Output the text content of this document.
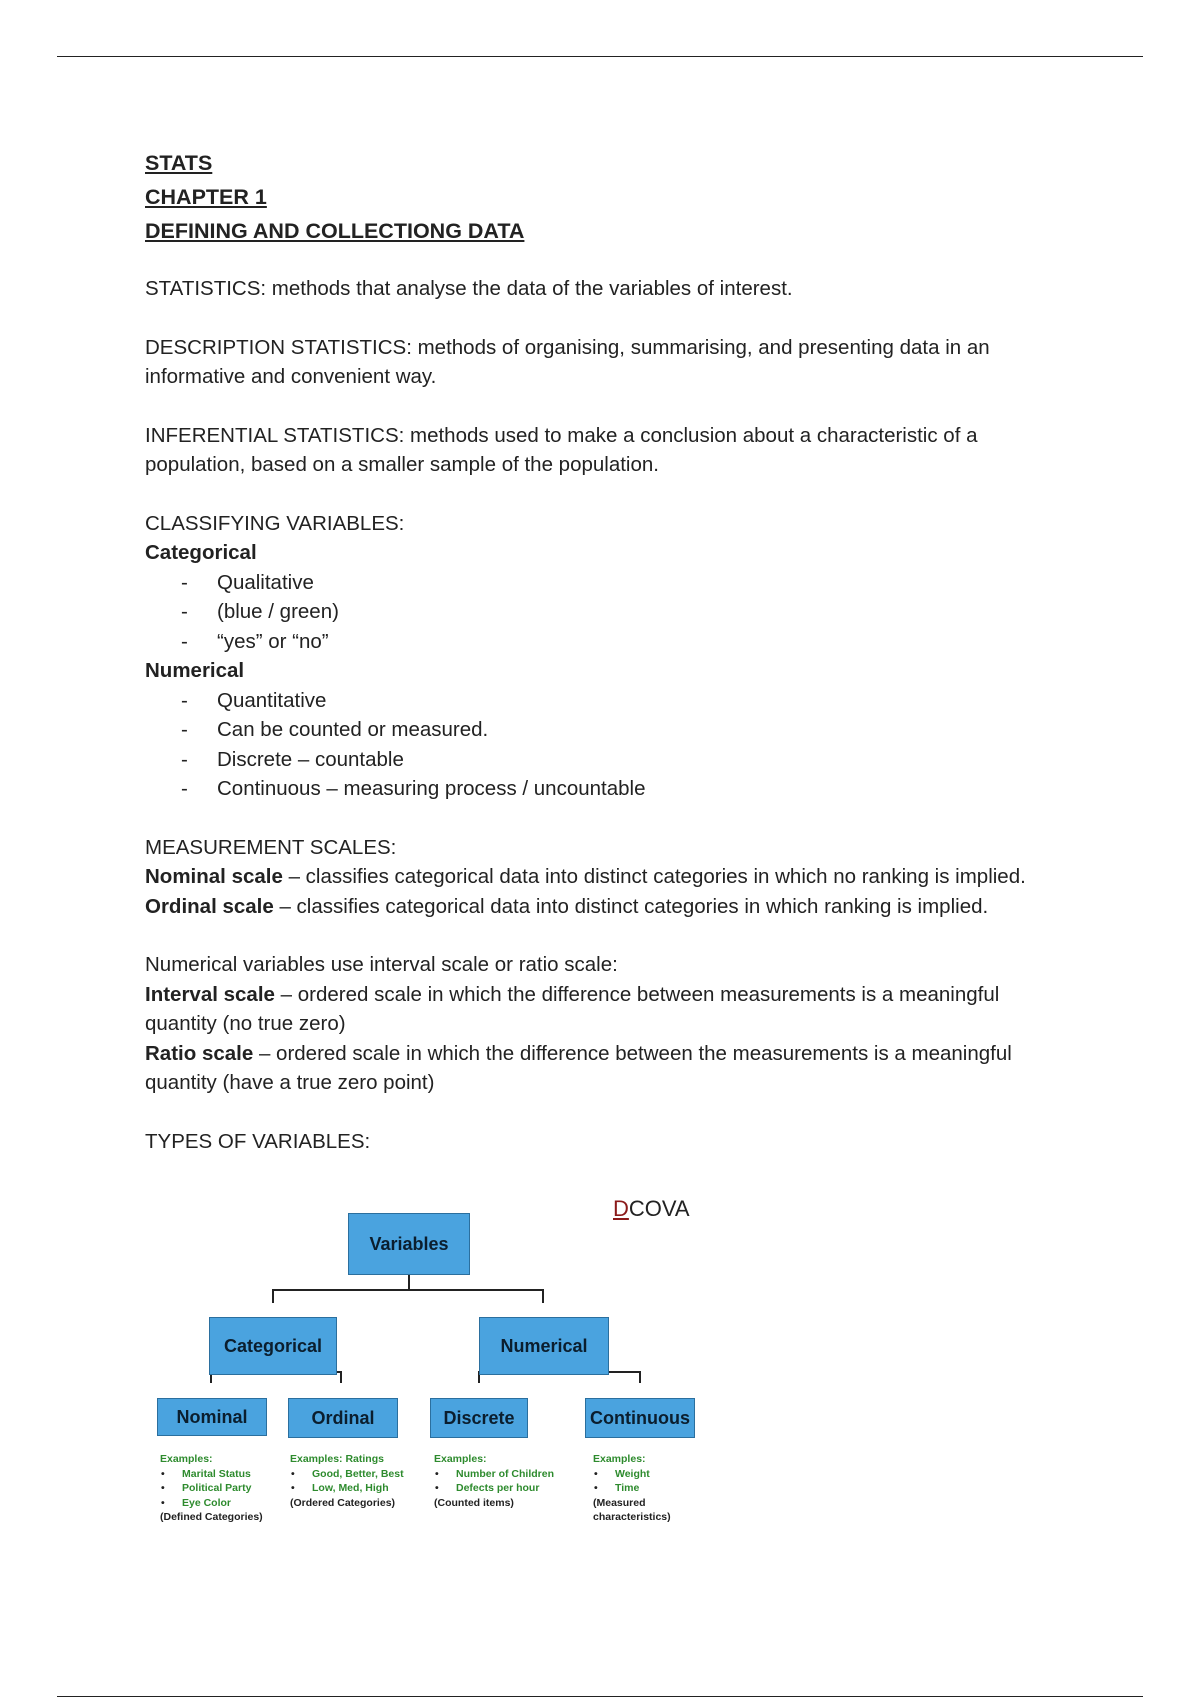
STATS
CHAPTER 1
DEFINING AND COLLECTIONG DATA

STATISTICS: methods that analyse the data of the variables of interest.

DESCRIPTION STATISTICS: methods of organising, summarising, and presenting data in an informative and convenient way.

INFERENTIAL STATISTICS: methods used to make a conclusion about a characteristic of a population, based on a smaller sample of the population.

CLASSIFYING VARIABLES:

Categorical

- Qualitative
- (blue / green)
- “yes” or “no”

Numerical

- Quantitative
- Can be counted or measured.
- Discrete – countable
- Continuous – measuring process / uncountable

MEASUREMENT SCALES:

Nominal scale – classifies categorical data into distinct categories in which no ranking is implied.

Ordinal scale – classifies categorical data into distinct categories in which ranking is implied.

Numerical variables use interval scale or ratio scale:

Interval scale – ordered scale in which the difference between measurements is a meaningful quantity (no true zero)

Ratio scale – ordered scale in which the difference between the measurements is a meaningful quantity (have a true zero point)

TYPES OF VARIABLES:

DCOVA
Variables
Categorical	Numerical
Nominal	Ordinal	Discrete	Continuous
Examples:
• Marital Status
• Political Party
• Eye Color
(Defined Categories)
Examples: Ratings
• Good, Better, Best
• Low, Med, High
(Ordered Categories)
Examples:
• Number of Children
• Defects per hour
(Counted items)
Examples:
• Weight
• Time
(Measured characteristics)
